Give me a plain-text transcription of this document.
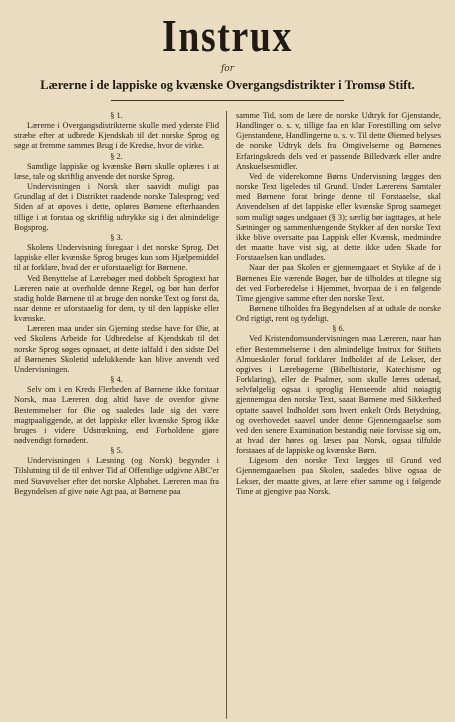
Instrux
for
Lærerne i de lappiske og kvænske Overgangsdistrikter i Tromsø Stift.
§ 1.

Lærerne i Overgangsdistrikterne skulle med yderste Flid stræbe efter at udbrede Kjendskab til det norske Sprog og søge at fremme sammes Brug i de Kredse, hvor de virke.

§ 2.

Samtlige lappiske og kvænske Børn skulle oplæres i at læse, tale og skriftlig anvende det norske Sprog.

Undervisningen i Norsk sker saavidt muligt paa Grundlag af det i Distriktet raadende norske Talesprog; ved Siden af at øpoves i dette, opløres Børnene efterhaanden tillige i at forstaa og skriftlig udtrykke sig i det almindelige Bogsprog.

§ 3.

Skolens Undervisning foregaar i det norske Sprog. Det lappiske eller kvænske Sprog bruges kun som Hjælpemiddel til at forklare, hvad der er uforstaaeligt for Børnene.

Ved Benyttelse af Lærebøger med dobbelt Sprogtext har Læreren nøie at overholde denne Regel, og bør han derfor stadig holde Børnene til at bruge den norske Text og forst da, naar denne er uforstaaelig for dem, ty til den lappiske eller kvænske.

Læreren maa under sin Gjerning stedse have for Øie, at ved Skolens Arbeide for Udbredelse af Kjendskab til det norske Sprog søges opnaaet, at dette ialfald i den sidste Del af Børnenes Skoletid udelukkende kan blive anvendt ved Undervisningen.

§ 4.

Selv om i en Kreds Flerheden af Børnene ikke forstaar Norsk, maa Læreren dog altid have de ovenfor givne Bestemmelser for Øie og saaledes lade sig det være magtpaaliggende, at det lappiske eller kvænske Sprog ikke bruges i videre Udstrækning, end Forholdene gjøre nødvendigt fornødent.

§ 5.

Undervisningen i Læsning (og Norsk) begynder i Tilslutning til de til enhver Tid af Offentlige udgivne ABC'er med Stavøvelser efter det norske Alphabet. Læreren maa fra Begyndelsen af give nøie Agt paa, at Børnene paa

samme Tid, som de lære de norske Udtryk for Gjenstande, Handlinger o. s. v, tillige faa en klar Forestilling om selve Gjenstandene, Handlingerne o. s. v. Til dette Øiemed belyses de norske Udtryk dels fra Omgivelserne og Børnenes Erfaringskreds dels ved et passende Billedværk eller andre Anskuelsesmidler.

Ved de viderekomne Børns Undervisning lægges den norske Text ligeledes til Grund. Under Lærerens Samtaler med Børnene forat bringe denne til Forstaaelse, skal Anvendelsen af det lappiske eller kvænske Sprog saameget som muligt søges undgaaet (§ 3); særlig bør iagttages, at hele Sætninger og sammenhængende Stykker af den norske Text ikke blive oversatte paa Lappisk eller Kvænsk, medmindre det maatte have vist sig, at dette ikke uden Skade for Forstaaelsen kan undlades.

Naar der paa Skolen er gjennemgaaet et Stykke af de i Børnenes Eie værende Bøger, bør de tilholdes at tilegne sig det ved Forberedelse i Hjemmet, hvorpaa de i en følgende Time gjengive samme efter den norske Text.

Børnene tilholdes fra Begyndelsen af at udtale de norske Ord rigtigt, rent og tydeligt.

§ 6.

Ved Kristendomsundervisningen maa Læreren, naar han efter Bestemmelserne i den almindelige Instrux for Stiftets Almueskoler forud forklarer Indholdet af de Lekser, der opgives i Lærebøgerne (Bibelhistorie, Katechisme og Forklaring), eller de Psalmer, som skulle læres udenad, selvfølgelig ogsaa i sproglig Henseende altid nøiagtig gjennemgaa den norske Text, saaat Børnene med Sikkerhed optatte saavel Indholdet som hvert enkelt Ords Betydning, og overhovedet saavel under denne Gjennemgaaelse som ved den senere Examination bestandig nøie forvisse sig om, at hvad der høres og læses paa Norsk, ogsaa tilfulde forstaaes af de lappiske og kvænske Børn.

Ligesom den norske Text lægges til Grund ved Gjennemgaaelsen paa Skolen, saaledes blive ogsaa de Lekser, der maatte gives, at lære efter samme og i følgende Time at gjengive paa Norsk.
